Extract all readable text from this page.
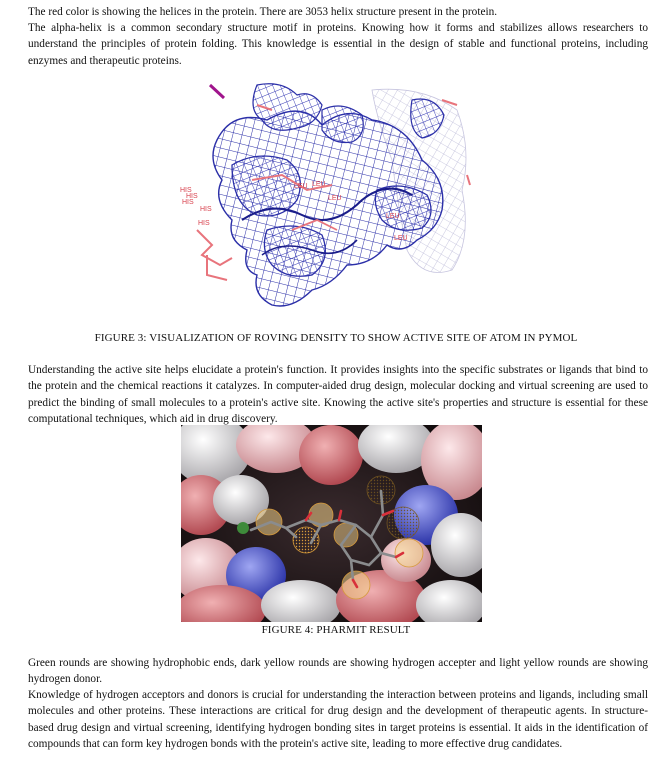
The red color is showing the helices in the protein. There are 3053 helix structure present in the protein.

The alpha-helix is a common secondary structure motif in proteins. Knowing how it forms and stabilizes allows researchers to understand the principles of protein folding. This knowledge is essential in the design of stable and functional proteins, including enzymes and therapeutic proteins.

HIS
HIS
HIS
HIS
HIS
LEU LEU
LEU
LEU
LEU

FIGURE 3: VISUALIZATION OF ROVING DENSITY TO SHOW ACTIVE SITE OF ATOM IN PYMOL

Understanding the active site helps elucidate a protein's function. It provides insights into the specific substrates or ligands that bind to the protein and the chemical reactions it catalyzes. In computer-aided drug design, molecular docking and virtual screening are used to predict the binding of small molecules to a protein's active site. Knowing the active site's properties and structure is essential for these computational techniques, which aid in drug discovery.

FIGURE 4: PHARMIT RESULT

Green rounds are showing hydrophobic ends, dark yellow rounds are showing hydrogen accepter and light yellow rounds are showing hydrogen donor.

Knowledge of hydrogen acceptors and donors is crucial for understanding the interaction between proteins and ligands, including small molecules and other proteins. These interactions are critical for drug design and the development of therapeutic agents. In structure-based drug design and virtual screening, identifying hydrogen bonding sites in target proteins is essential. It aids in the identification of compounds that can form key hydrogen bonds with the protein's active site, leading to more effective drug candidates.
